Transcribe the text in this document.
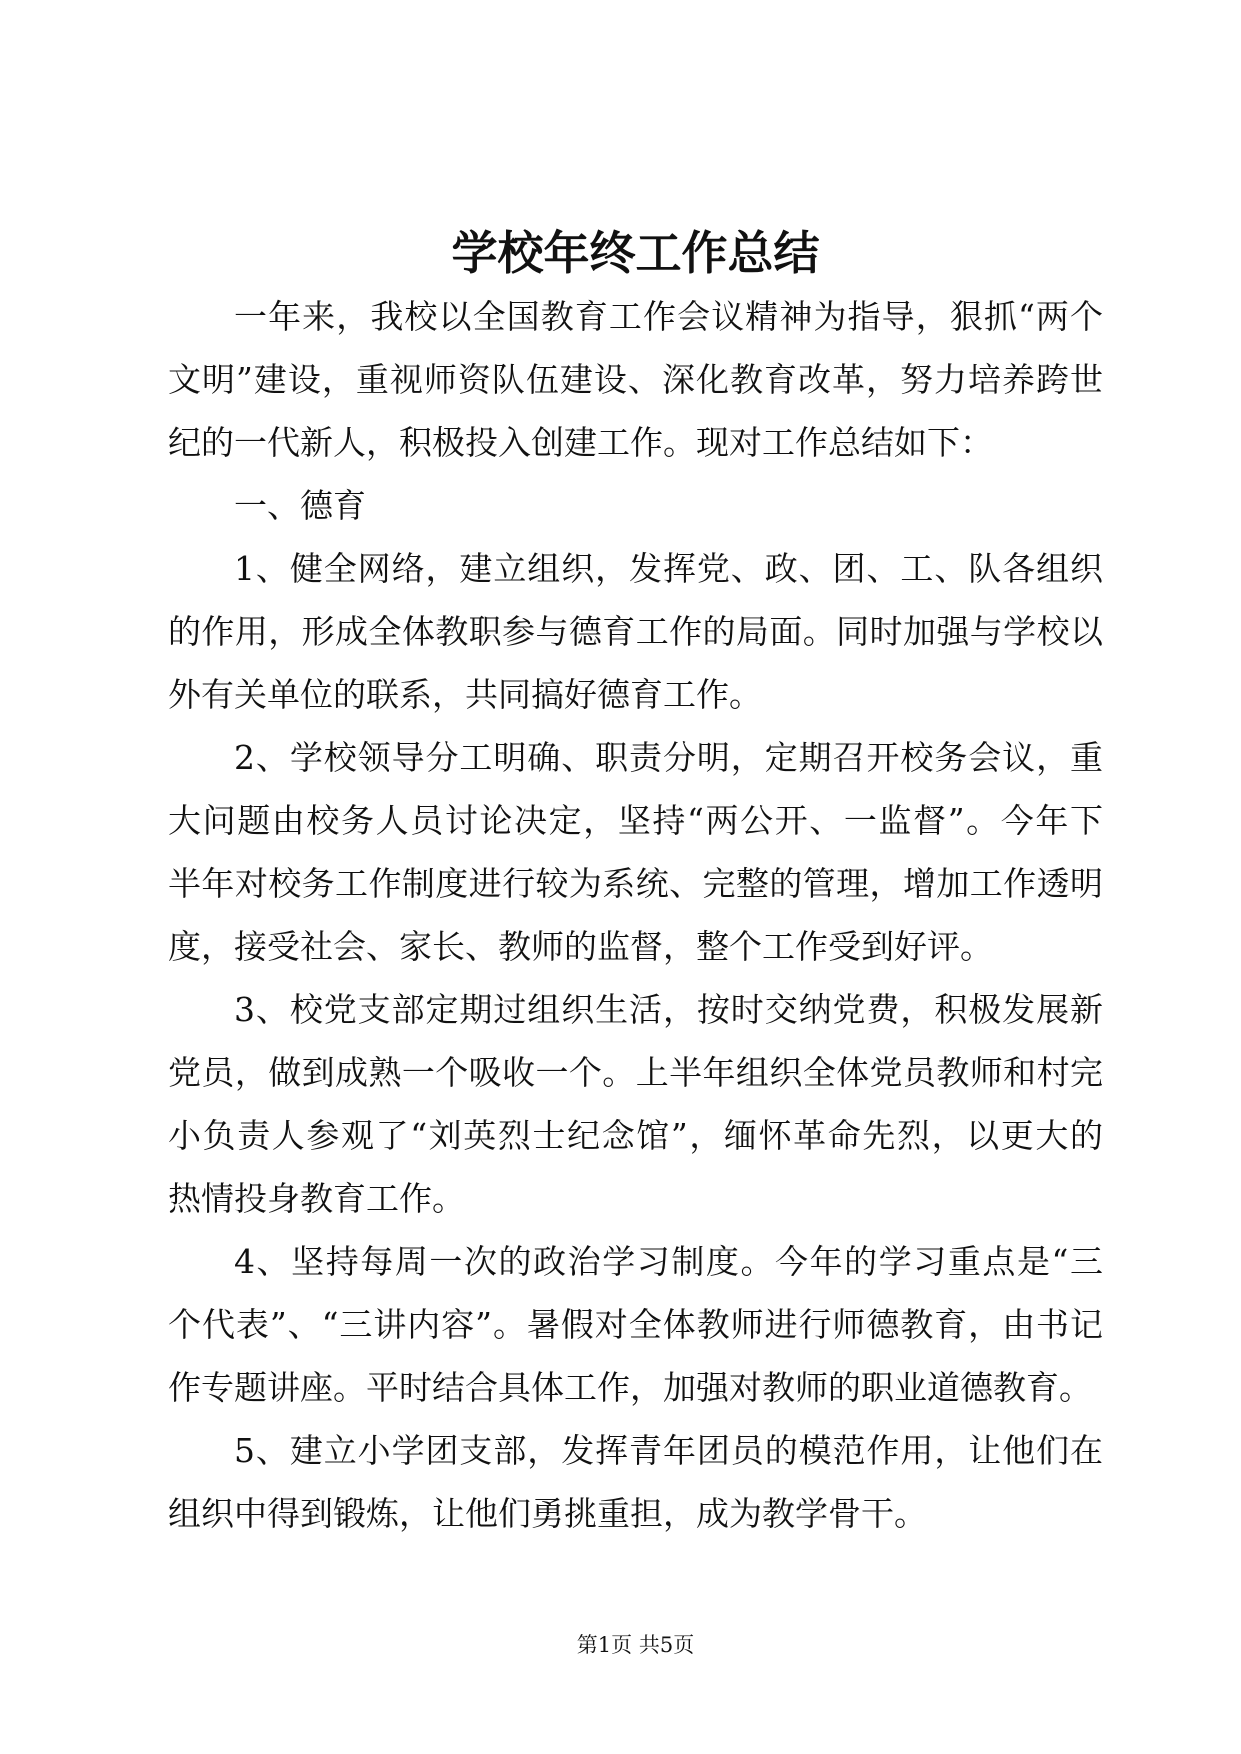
学校年终工作总结
一年来，我校以全国教育工作会议精神为指导，狠抓“两个
文明”建设，重视师资队伍建设、深化教育改革，努力培养跨世
纪的一代新人，积极投入创建工作。现对工作总结如下：
一、德育
1、健全网络，建立组织，发挥党、政、团、工、队各组织
的作用，形成全体教职参与德育工作的局面。同时加强与学校以
外有关单位的联系，共同搞好德育工作。
2、学校领导分工明确、职责分明，定期召开校务会议，重
大问题由校务人员讨论决定，坚持“两公开、一监督”。今年下
半年对校务工作制度进行较为系统、完整的管理，增加工作透明
度，接受社会、家长、教师的监督，整个工作受到好评。
3、校党支部定期过组织生活，按时交纳党费，积极发展新
党员，做到成熟一个吸收一个。上半年组织全体党员教师和村完
小负责人参观了“刘英烈士纪念馆”，缅怀革命先烈，以更大的
热情投身教育工作。
4、坚持每周一次的政治学习制度。今年的学习重点是“三
个代表”、“三讲内容”。暑假对全体教师进行师德教育，由书记
作专题讲座。平时结合具体工作，加强对教师的职业道德教育。
5、建立小学团支部，发挥青年团员的模范作用，让他们在
组织中得到锻炼，让他们勇挑重担，成为教学骨干。
第1页 共5页
